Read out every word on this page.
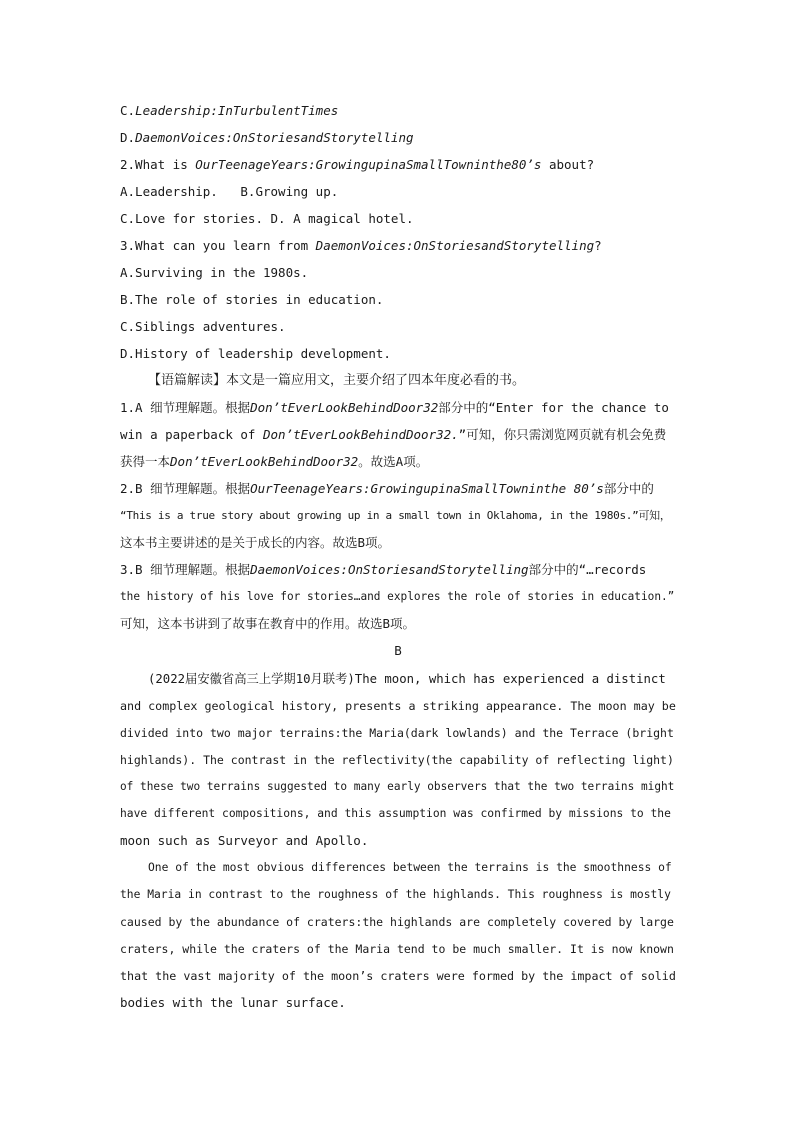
C.Leadership:InTurbulentTimes
D.DaemonVoices:OnStoriesandStorytelling
2.What is OurTeenageYears:GrowingupinaSmallTowninthe80’s about?
A.Leadership.   B.Growing up.
C.Love for stories. D. A magical hotel.
3.What can you learn from DaemonVoices:OnStoriesandStorytelling?
A.Surviving in the 1980s.
B.The role of stories in education.
C.Siblings adventures.
D.History of leadership development.
【语篇解读】本文是一篇应用文，主要介绍了四本年度必看的书。
1.A 细节理解题。根据Don’tEverLookBehindDoor32部分中的“Enter for the chance to
win a paperback of Don’tEverLookBehindDoor32.”可知，你只需浏览网页就有机会免费
获得一本Don’tEverLookBehindDoor32。故选A项。
2.B 细节理解题。根据OurTeenageYears:GrowingupinaSmallTowninthe 80’s部分中的
“This is a true story about growing up in a small town in Oklahoma, in the 1980s.”可知，
这本书主要讲述的是关于成长的内容。故选B项。
3.B 细节理解题。根据DaemonVoices:OnStoriesandStorytelling部分中的“…records
the history of his love for stories…and explores the role of stories in education.”
可知，这本书讲到了故事在教育中的作用。故选B项。
B
(2022届安徽省高三上学期10月联考)The moon, which has experienced a distinct
and complex geological history, presents a striking appearance. The moon may be
divided into two major terrains:the Maria(dark lowlands) and the Terrace (bright
highlands). The contrast in the reflectivity(the capability of reflecting light)
of these two terrains suggested to many early observers that the two terrains might
have different compositions, and this assumption was confirmed by missions to the
moon such as Surveyor and Apollo.
One of the most obvious differences between the terrains is the smoothness of
the Maria in contrast to the roughness of the highlands. This roughness is mostly
caused by the abundance of craters:the highlands are completely covered by large
craters, while the craters of the Maria tend to be much smaller. It is now known
that the vast majority of the moon’s craters were formed by the impact of solid
bodies with the lunar surface.
